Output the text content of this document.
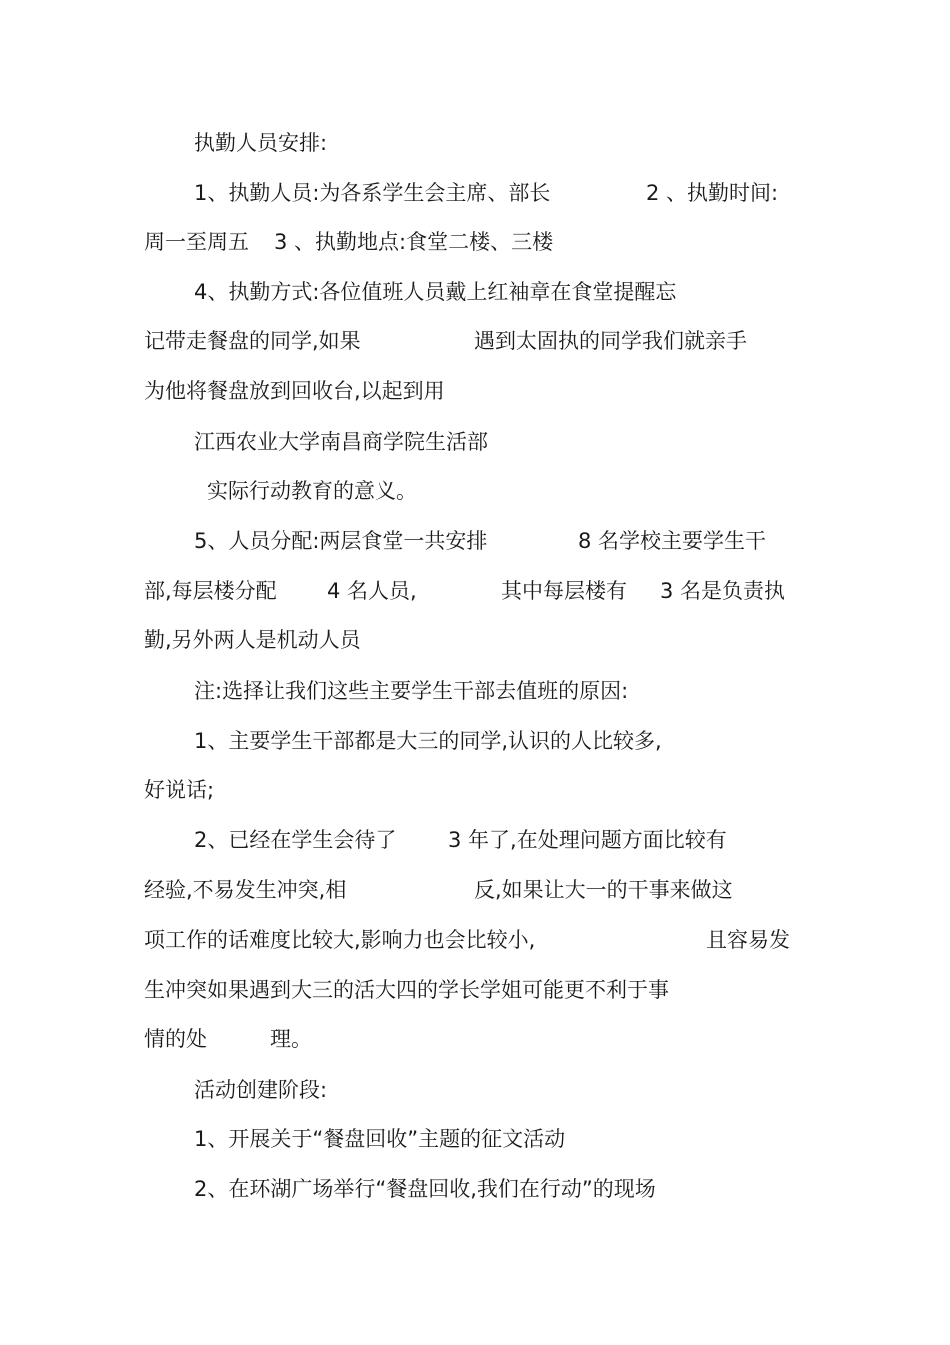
执勤人员安排:
1、执勤人员:为各系学生会主席、部长	2 、执勤时间:
周一至周五 3 、执勤地点:食堂二楼、三楼
4、执勤方式:各位值班人员戴上红袖章在食堂提醒忘
记带走餐盘的同学,如果	遇到太固执的同学我们就亲手
为他将餐盘放到回收台,以起到用
江西农业大学南昌商学院生活部
实际行动教育的意义。
5、人员分配:两层食堂一共安排	8 名学校主要学生干
部,每层楼分配 4 名人员,	其中每层楼有 3 名是负责执
勤,另外两人是机动人员
注:选择让我们这些主要学生干部去值班的原因:
1、主要学生干部都是大三的同学,认识的人比较多,
好说话;
2、已经在学生会待了 3 年了,在处理问题方面比较有
经验,不易发生冲突,相	反,如果让大一的干事来做这
项工作的话难度比较大,影响力也会比较小,	且容易发
生冲突如果遇到大三的活大四的学长学姐可能更不利于事
情的处	理。
活动创建阶段:
1、开展关于“餐盘回收”主题的征文活动
2、在环湖广场举行“餐盘回收,我们在行动”的现场
